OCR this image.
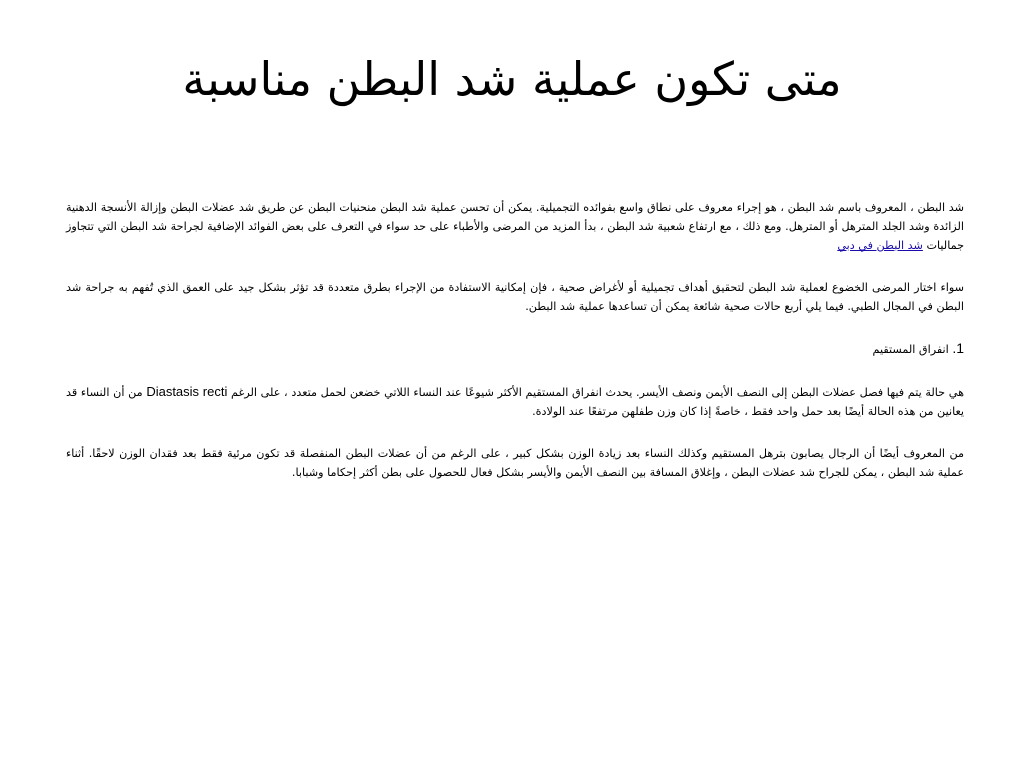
متى تكون عملية شد البطن مناسبة

شد البطن ، المعروف باسم شد البطن ، هو إجراء معروف على نطاق واسع بفوائده التجميلية. يمكن أن تحسن عملية شد البطن منحنيات البطن عن طريق شد عضلات البطن وإزالة الأنسجة الدهنية الزائدة وشد الجلد المترهل أو المترهل. ومع ذلك ، مع ارتفاع شعبية شد البطن ، بدأ المزيد من المرضى والأطباء على حد سواء في التعرف على بعض الفوائد الإضافية لجراحة شد البطن التي تتجاوز جماليات شد البطن في دبي

سواء اختار المرضى الخضوع لعملية شد البطن لتحقيق أهداف تجميلية أو لأغراض صحية ، فإن إمكانية الاستفادة من الإجراء بطرق متعددة قد تؤثر بشكل جيد على العمق الذي تُفهم به جراحة شد البطن في المجال الطبي. فيما يلي أربع حالات صحية شائعة يمكن أن تساعدها عملية شد البطن.

1. انفراق المستقيم

هي حالة يتم فيها فصل عضلات البطن إلى النصف الأيمن ونصف الأيسر. يحدث انفراق المستقيم الأكثر شيوعًا عند النساء اللاتي خضعن لحمل متعدد ، على الرغم Diastasis recti من أن النساء قد يعانين من هذه الحالة أيضًا بعد حمل واحد فقط ، خاصةً إذا كان وزن طفلهن مرتفعًا عند الولادة.

من المعروف أيضًا أن الرجال يصابون بترهل المستقيم وكذلك النساء بعد زيادة الوزن بشكل كبير ، على الرغم من أن عضلات البطن المنفصلة قد تكون مرئية فقط بعد فقدان الوزن لاحقًا. أثناء عملية شد البطن ، يمكن للجراح شد عضلات البطن ، وإغلاق المسافة بين النصف الأيمن والأيسر بشكل فعال للحصول على بطن أكثر إحكاما وشبابا.
